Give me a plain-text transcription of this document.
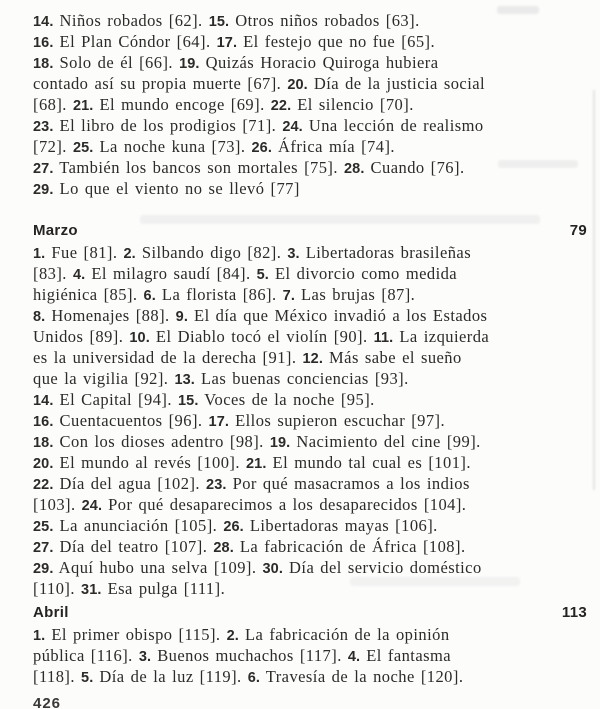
14. Niños robados [62]. 15. Otros niños robados [63].
16. El Plan Cóndor [64]. 17. El festejo que no fue [65].
18. Solo de él [66]. 19. Quizás Horacio Quiroga hubiera
contado así su propia muerte [67]. 20. Día de la justicia social
[68]. 21. El mundo encoge [69]. 22. El silencio [70].
23. El libro de los prodigios [71]. 24. Una lección de realismo
[72]. 25. La noche kuna [73]. 26. África mía [74].
27. También los bancos son mortales [75]. 28. Cuando [76].
29. Lo que el viento no se llevó [77]
Marzo	79
1. Fue [81]. 2. Silbando digo [82]. 3. Libertadoras brasileñas
[83]. 4. El milagro saudí [84]. 5. El divorcio como medida
higiénica [85]. 6. La florista [86]. 7. Las brujas [87].
8. Homenajes [88]. 9. El día que México invadió a los Estados
Unidos [89]. 10. El Diablo tocó el violín [90]. 11. La izquierda
es la universidad de la derecha [91]. 12. Más sabe el sueño
que la vigilia [92]. 13. Las buenas conciencias [93].
14. El Capital [94]. 15. Voces de la noche [95].
16. Cuentacuentos [96]. 17. Ellos supieron escuchar [97].
18. Con los dioses adentro [98]. 19. Nacimiento del cine [99].
20. El mundo al revés [100]. 21. El mundo tal cual es [101].
22. Día del agua [102]. 23. Por qué masacramos a los indios
[103]. 24. Por qué desaparecimos a los desaparecidos [104].
25. La anunciación [105]. 26. Libertadoras mayas [106].
27. Día del teatro [107]. 28. La fabricación de África [108].
29. Aquí hubo una selva [109]. 30. Día del servicio doméstico
[110]. 31. Esa pulga [111].
Abril	113
1. El primer obispo [115]. 2. La fabricación de la opinión
pública [116]. 3. Buenos muchachos [117]. 4. El fantasma
[118]. 5. Día de la luz [119]. 6. Travesía de la noche [120].
426
